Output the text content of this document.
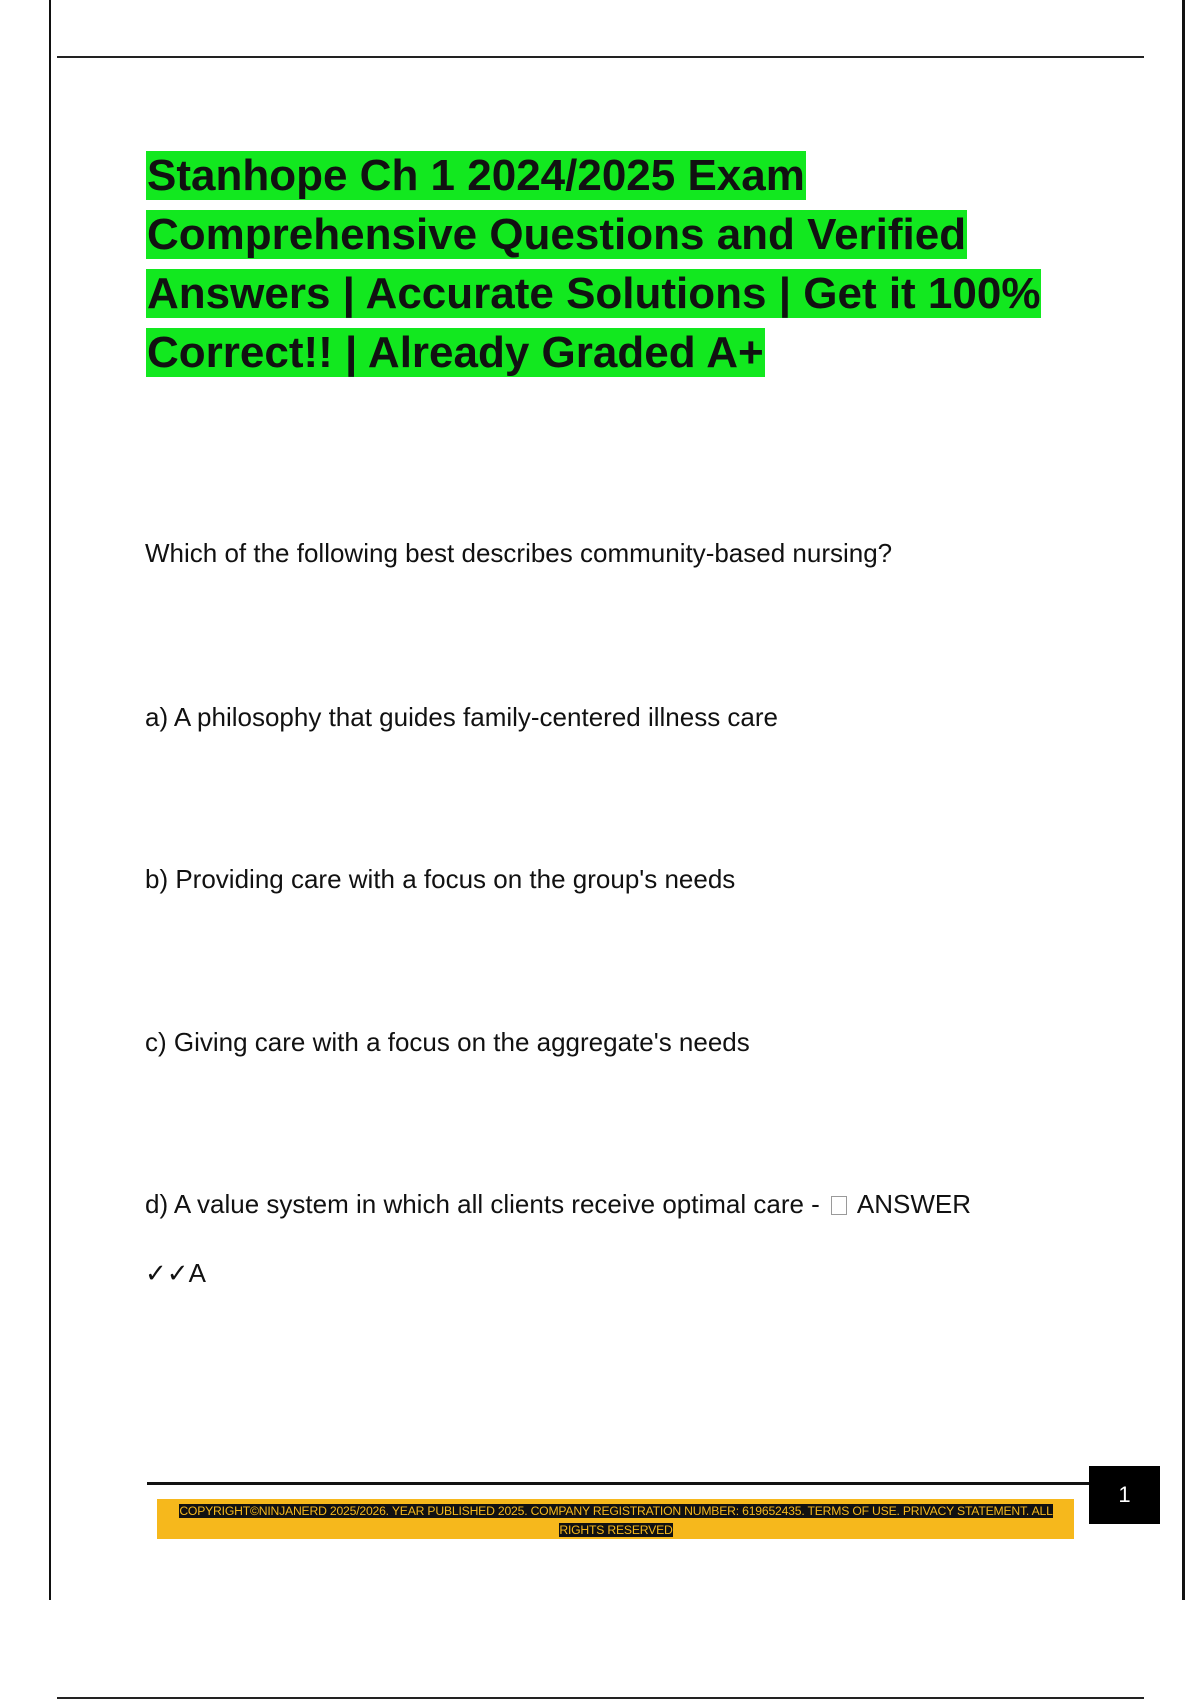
Stanhope Ch 1 2024/2025 Exam Comprehensive Questions and Verified Answers | Accurate Solutions | Get it 100% Correct!! | Already Graded A+

Which of the following best describes community-based nursing?

a) A philosophy that guides family-centered illness care

b) Providing care with a focus on the group's needs

c) Giving care with a focus on the aggregate's needs

d) A value system in which all clients receive optimal care - ANSWER

✓✓A

1

COPYRIGHT©NINJANERD 2025/2026. YEAR PUBLISHED 2025. COMPANY REGISTRATION NUMBER: 619652435. TERMS OF USE. PRIVACY STATEMENT. ALL RIGHTS RESERVED
